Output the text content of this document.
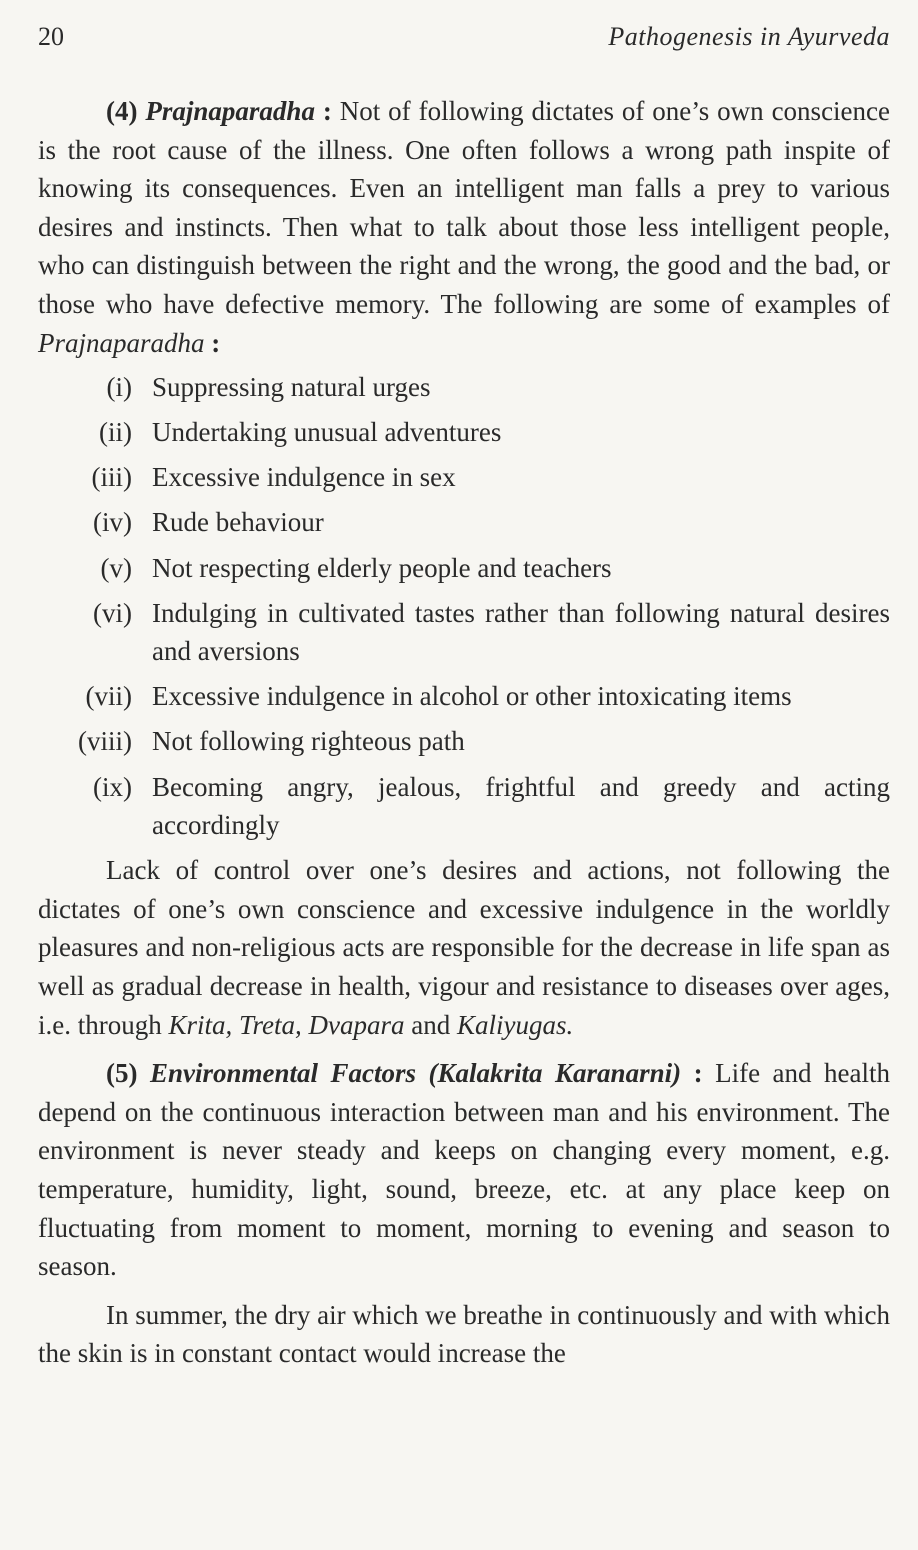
20	Pathogenesis in Ayurveda

(4) Prajnaparadha : Not of following dictates of one’s own conscience is the root cause of the illness. One often follows a wrong path inspite of knowing its consequences. Even an intelligent man falls a prey to various desires and instincts. Then what to talk about those less intelligent people, who can distinguish between the right and the wrong, the good and the bad, or those who have defective memory. The following are some of examples of Prajnaparadha :

(i) Suppressing natural urges
(ii) Undertaking unusual adventures
(iii) Excessive indulgence in sex
(iv) Rude behaviour
(v) Not respecting elderly people and teachers
(vi) Indulging in cultivated tastes rather than following natural desires and aversions
(vii) Excessive indulgence in alcohol or other intoxicating items
(viii) Not following righteous path
(ix) Becoming angry, jealous, frightful and greedy and acting accordingly

Lack of control over one’s desires and actions, not following the dictates of one’s own conscience and excessive indulgence in the worldly pleasures and non-religious acts are responsible for the decrease in life span as well as gradual decrease in health, vigour and resistance to diseases over ages, i.e. through Krita, Treta, Dvapara and Kaliyugas.

(5) Environmental Factors (Kalakrita Karanarni) : Life and health depend on the continuous interaction between man and his environment. The environment is never steady and keeps on changing every moment, e.g. temperature, humidity, light, sound, breeze, etc. at any place keep on fluctuating from moment to moment, morning to evening and season to season.

In summer, the dry air which we breathe in continuously and with which the skin is in constant contact would increase the
